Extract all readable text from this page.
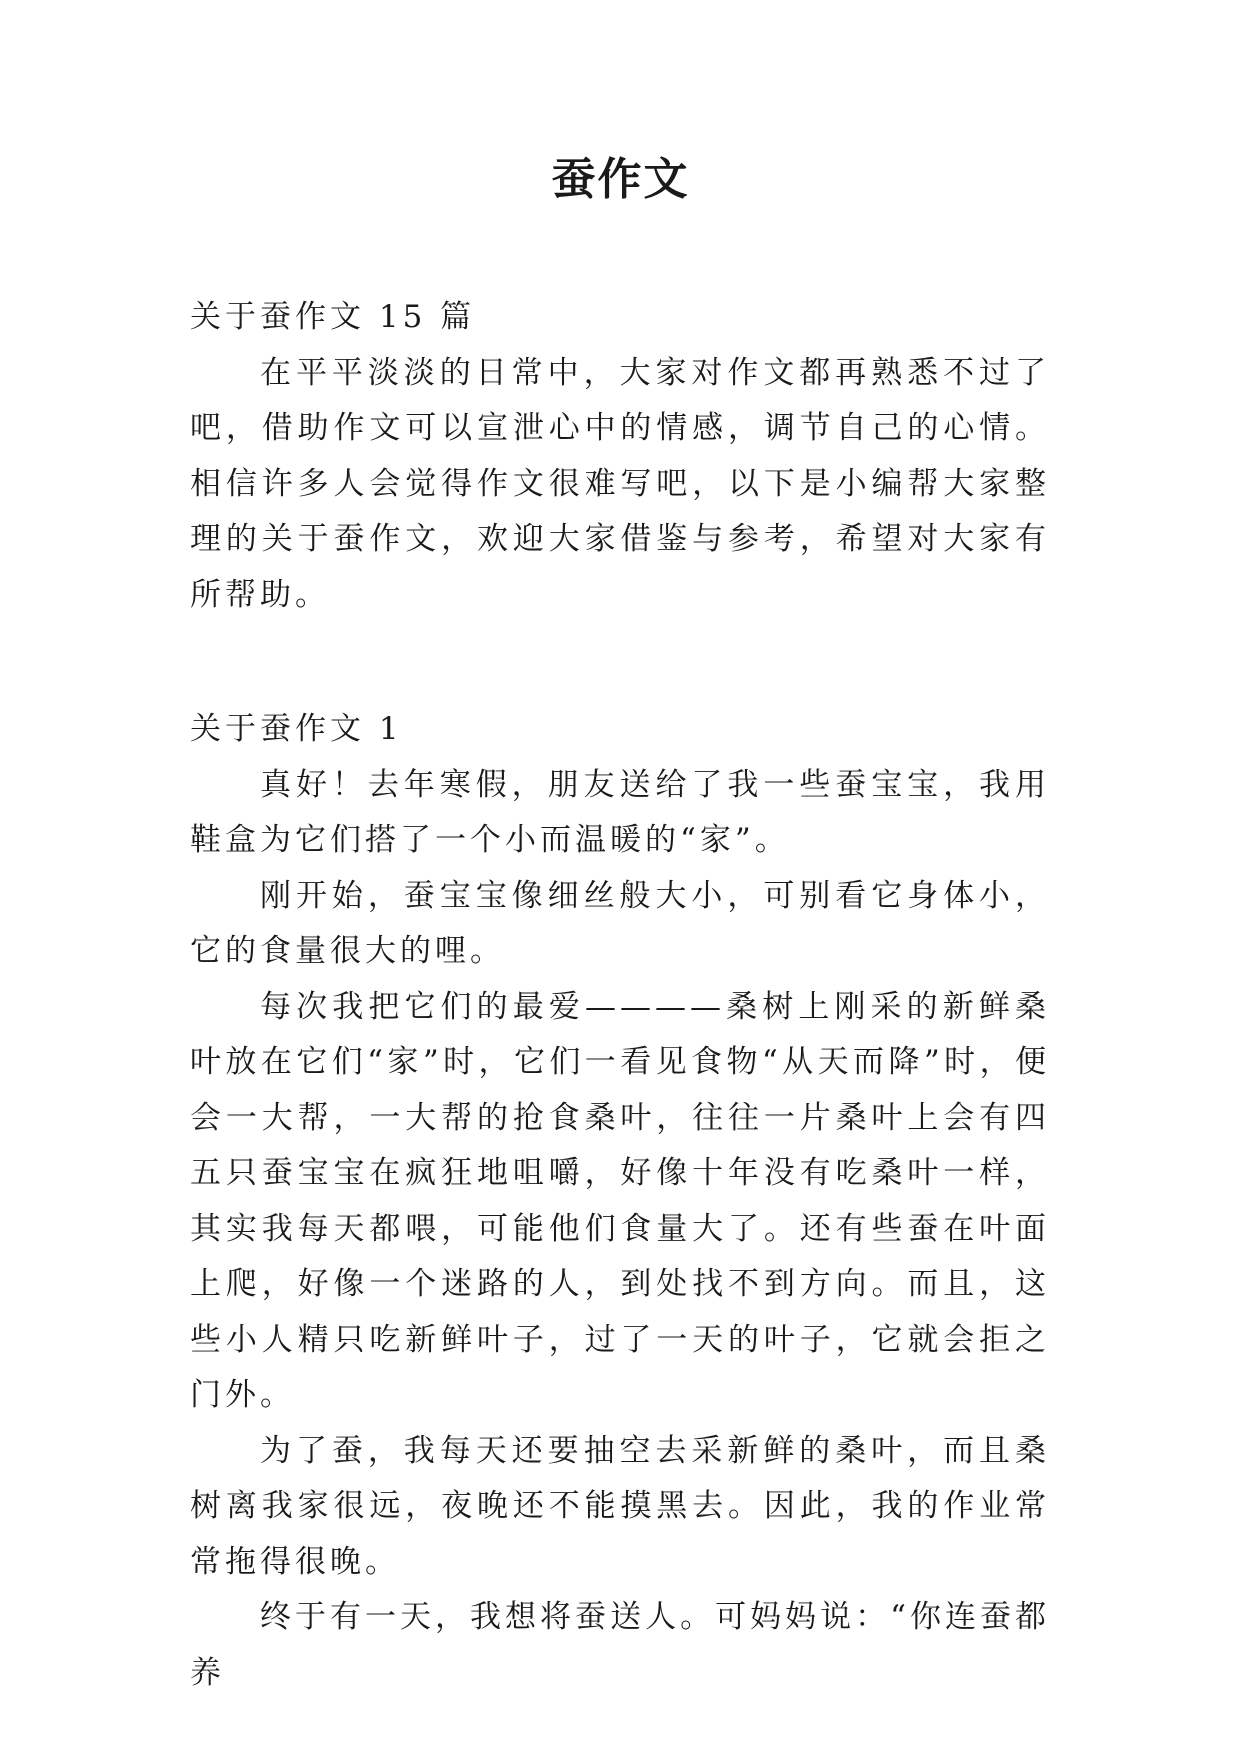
蚕作文

关于蚕作文 15 篇

在平平淡淡的日常中，大家对作文都再熟悉不过了吧，借助作文可以宣泄心中的情感，调节自己的心情。相信许多人会觉得作文很难写吧，以下是小编帮大家整理的关于蚕作文，欢迎大家借鉴与参考，希望对大家有所帮助。

关于蚕作文 1

真好！去年寒假，朋友送给了我一些蚕宝宝，我用鞋盒为它们搭了一个小而温暖的“家”。

刚开始，蚕宝宝像细丝般大小，可别看它身体小，它的食量很大的哩。

每次我把它们的最爱————桑树上刚采的新鲜桑叶放在它们“家”时，它们一看见食物“从天而降”时，便会一大帮，一大帮的抢食桑叶，往往一片桑叶上会有四五只蚕宝宝在疯狂地咀嚼，好像十年没有吃桑叶一样，其实我每天都喂，可能他们食量大了。还有些蚕在叶面上爬，好像一个迷路的人，到处找不到方向。而且，这些小人精只吃新鲜叶子，过了一天的叶子，它就会拒之门外。

为了蚕，我每天还要抽空去采新鲜的桑叶，而且桑树离我家很远，夜晚还不能摸黑去。因此，我的作业常常拖得很晚。

终于有一天，我想将蚕送人。可妈妈说：“你连蚕都养
